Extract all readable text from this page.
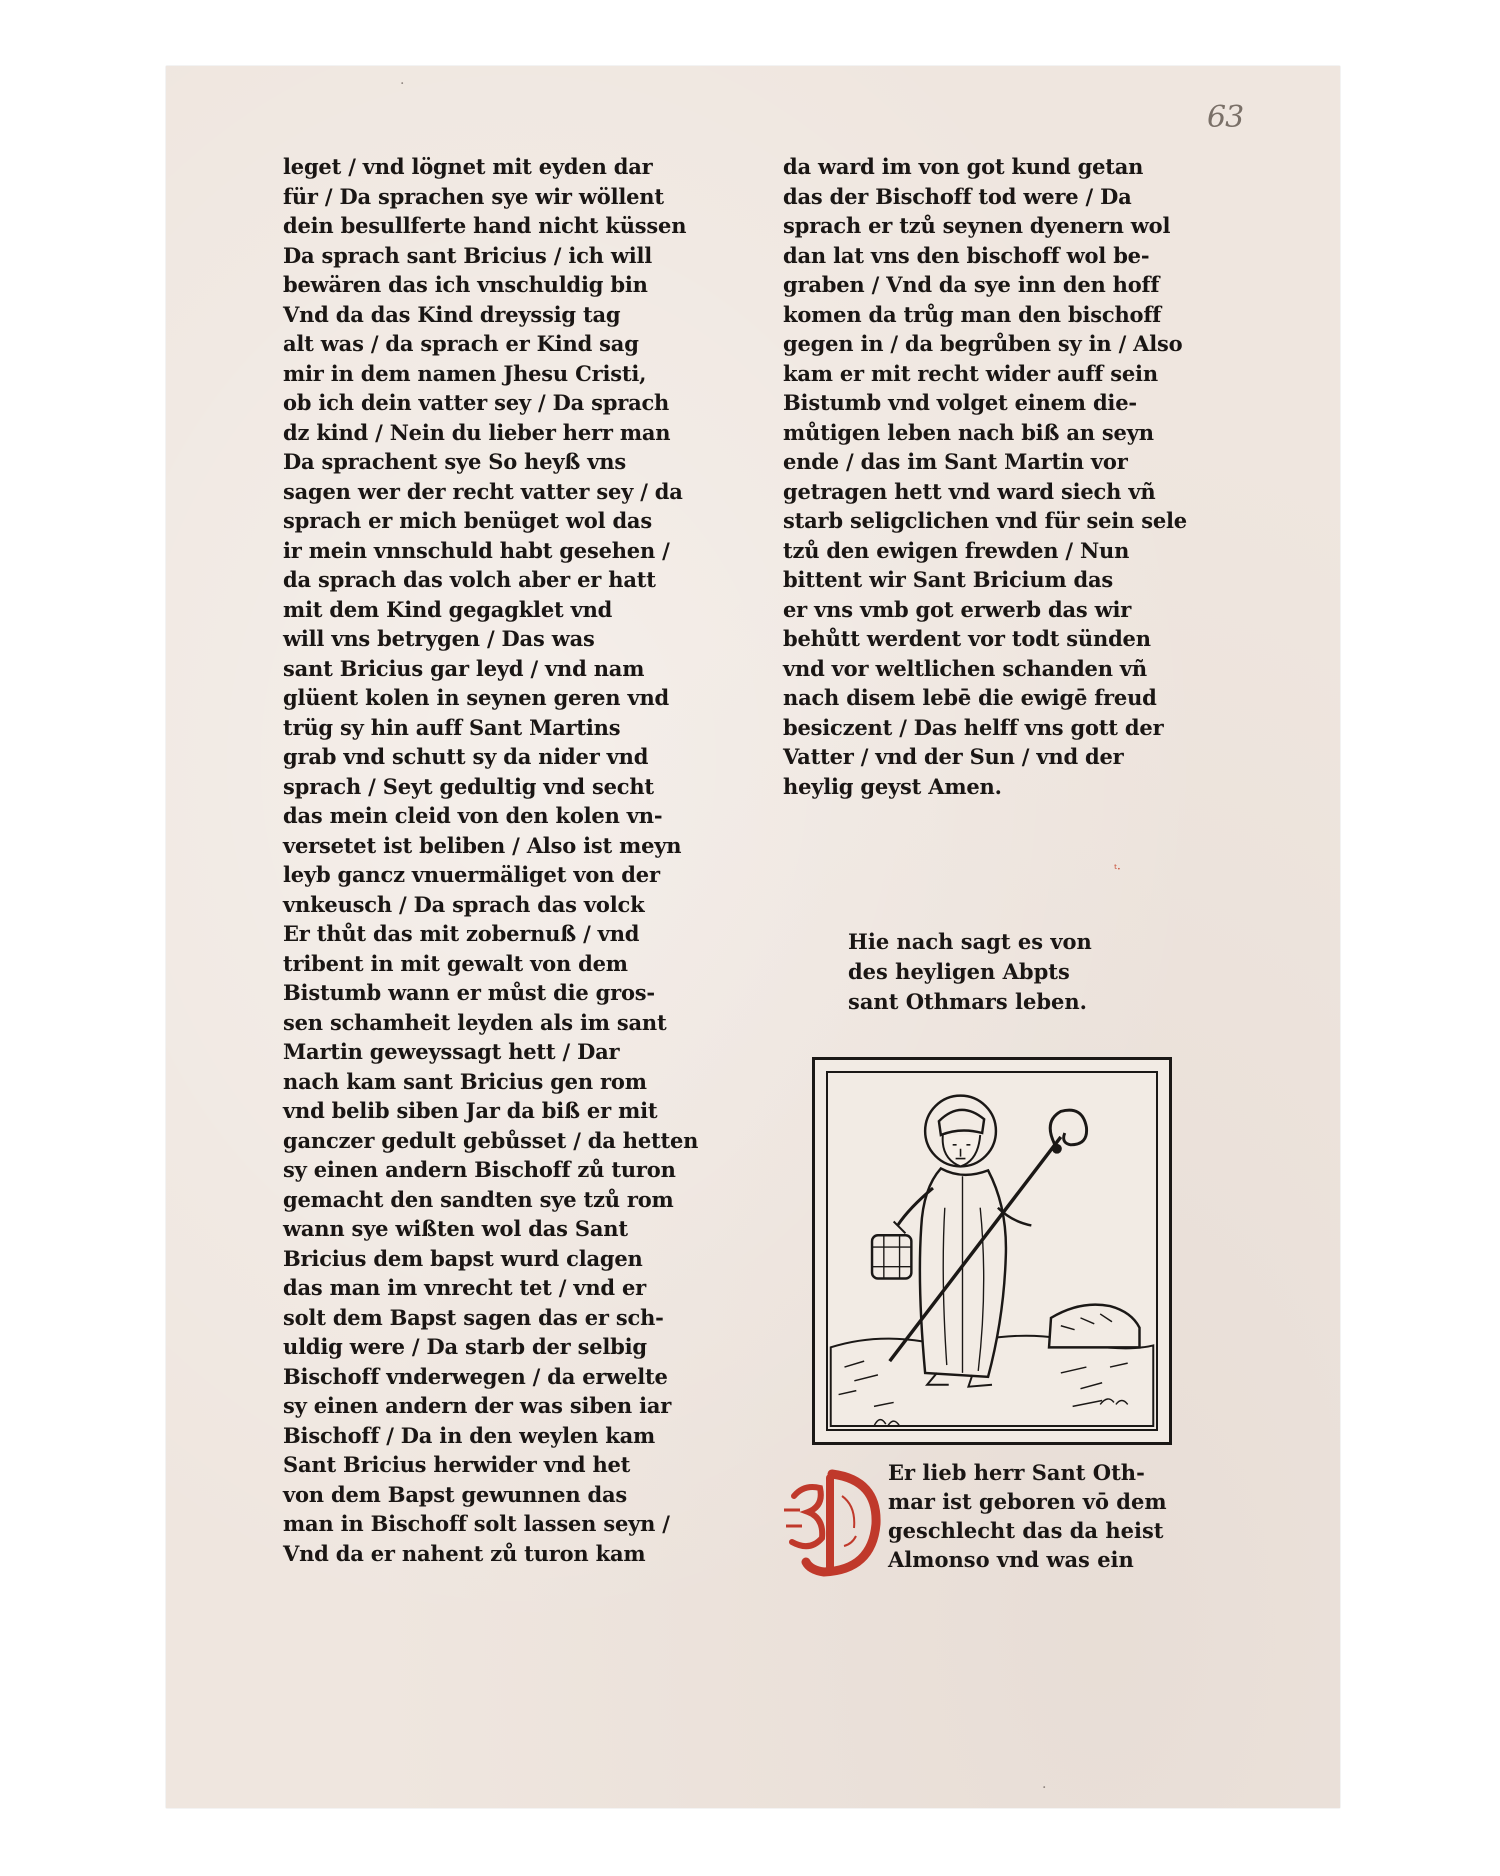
63
leget / vnd lögnet mit eyden dar
für / Da sprachen sye wir wöllent
dein besullferte hand nicht küssen
Da sprach sant Bricius / ich will
bewären das ich vnschuldig bin
Vnd da das Kind dreyssig tag
alt was / da sprach er Kind sag
mir in dem namen Jhesu Cristi,
ob ich dein vatter sey / Da sprach
dz kind / Nein du lieber herr man
Da sprachent sye So heyß vns
sagen wer der recht vatter sey / da
sprach er mich benüget wol das
ir mein vnnschuld habt gesehen /
da sprach das volch aber er hatt
mit dem Kind gegagklet vnd
will vns betrygen / Das was
sant Bricius gar leyd / vnd nam
glüent kolen in seynen geren vnd
trüg sy hin auff Sant Martins
grab vnd schutt sy da nider vnd
sprach / Seyt gedultig vnd secht
das mein cleid von den kolen vn-
versetet ist beliben / Also ist meyn
leyb gancz vnuermäliget von der
vnkeusch / Da sprach das volck
Er thůt das mit zobernuß / vnd
tribent in mit gewalt von dem
Bistumb wann er můst die gros-
sen schamheit leyden als im sant
Martin geweyssagt hett / Dar
nach kam sant Bricius gen rom
vnd belib siben Jar da biß er mit
ganczer gedult gebůsset / da hetten
sy einen andern Bischoff zů turon
gemacht den sandten sye tzů rom
wann sye wißten wol das Sant
Bricius dem bapst wurd clagen
das man im vnrecht tet / vnd er
solt dem Bapst sagen das er sch-
uldig were / Da starb der selbig
Bischoff vnderwegen / da erwelte
sy einen andern der was siben iar
Bischoff / Da in den weylen kam
Sant Bricius herwider vnd het
von dem Bapst gewunnen das
man in Bischoff solt lassen seyn /
Vnd da er nahent zů turon kam
da ward im von got kund getan
das der Bischoff tod were / Da
sprach er tzů seynen dyenern wol
dan lat vns den bischoff wol be-
graben / Vnd da sye inn den hoff
komen da trůg man den bischoff
gegen in / da begrůben sy in / Also
kam er mit recht wider auff sein
Bistumb vnd volget einem die-
můtigen leben nach biß an seyn
ende / das im Sant Martin vor
getragen hett vnd ward siech vñ
starb seligclichen vnd für sein sele
tzů den ewigen frewden / Nun
bittent wir Sant Bricium das
er vns vmb got erwerb das wir
behůtt werdent vor todt sünden
vnd vor weltlichen schanden vñ
nach disem lebē die ewigē freud
besiczent / Das helff vns gott der
Vatter / vnd der Sun / vnd der
heylig geyst Amen.
ᵗ·
Hie nach sagt es von
des heyligen Abpts
sant Othmars leben.
Er lieb herr Sant Oth-
mar ist geboren vō dem
geschlecht das da heist
Almonso vnd was ein
·
·
